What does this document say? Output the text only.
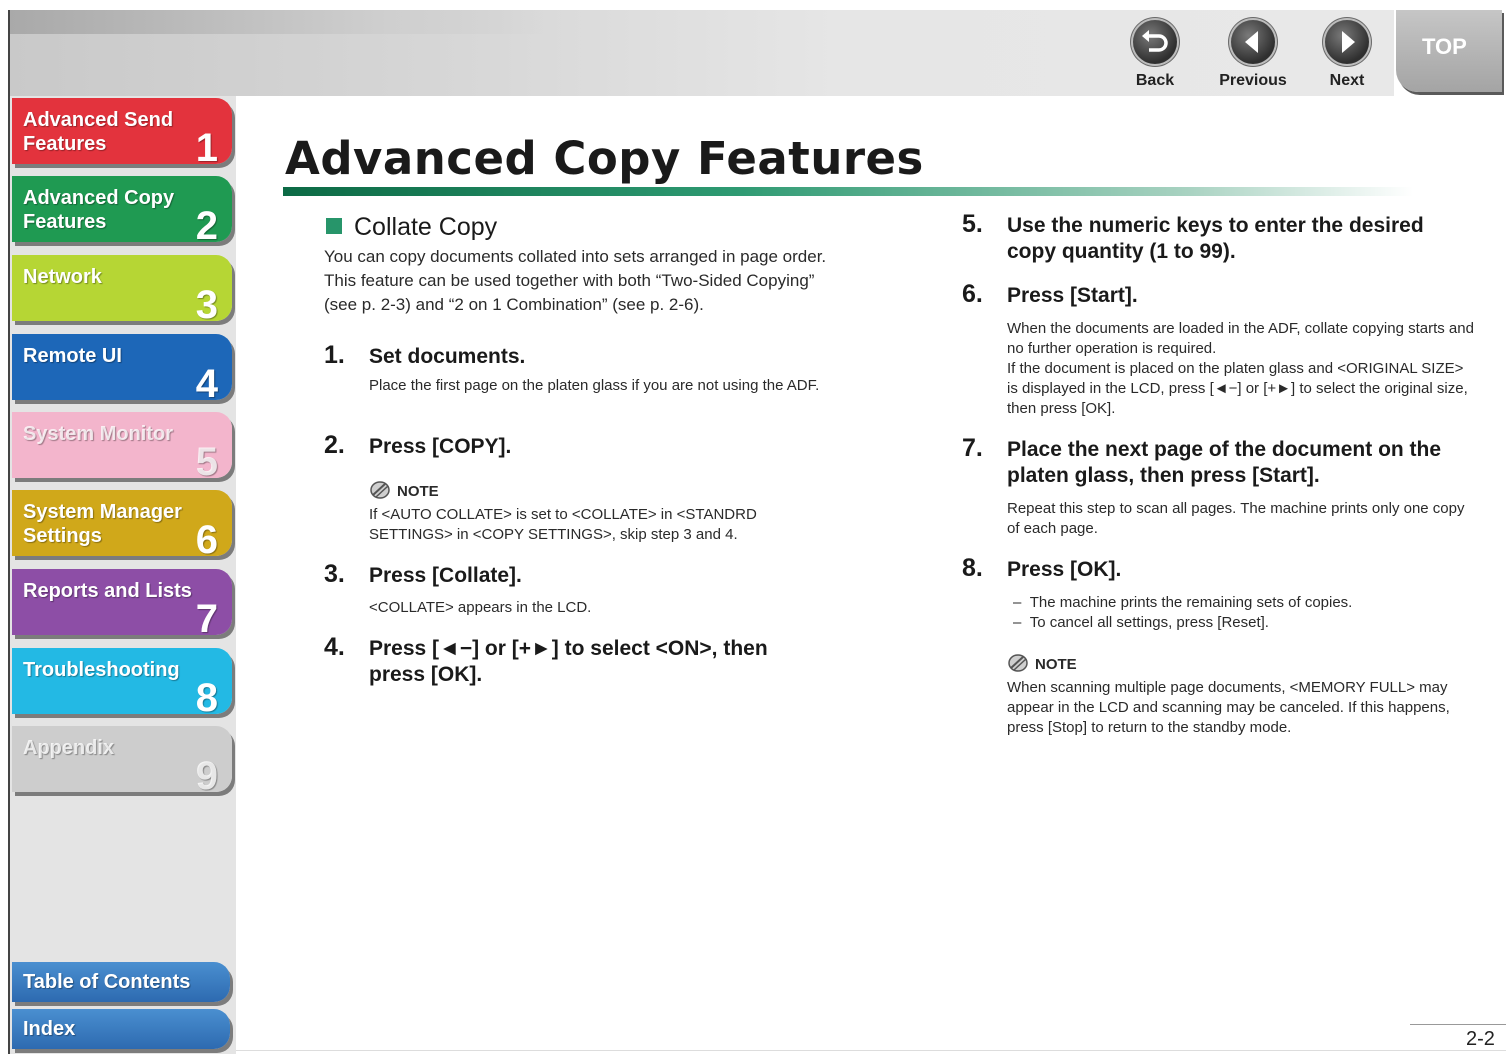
Back	Previous	Next
TOP
Advanced Send
Features	1
Advanced Copy
Features	2
Network
3
Remote UI
4
System Monitor
5
System Manager
Settings	6
Reports and Lists
7
Troubleshooting
8
Appendix
9
Table of Contents
Index
Advanced Copy Features
Collate Copy
You can copy documents collated into sets arranged in page order. This feature can be used together with both “Two-Sided Copying” (see p. 2-3) and “2 on 1 Combination” (see p. 2-6).
1. Set documents.
Place the first page on the platen glass if you are not using the ADF.
2. Press [COPY].
NOTE
If <AUTO COLLATE> is set to <COLLATE> in <STANDRD SETTINGS> in <COPY SETTINGS>, skip step 3 and 4.
3. Press [Collate].
<COLLATE> appears in the LCD.
4. Press [◄−] or [+►] to select <ON>, then press [OK].
5. Use the numeric keys to enter the desired copy quantity (1 to 99).
6. Press [Start].
When the documents are loaded in the ADF, collate copying starts and no further operation is required.
If the document is placed on the platen glass and <ORIGINAL SIZE> is displayed in the LCD, press [◄−] or [+►] to select the original size, then press [OK].
7. Place the next page of the document on the platen glass, then press [Start].
Repeat this step to scan all pages. The machine prints only one copy of each page.
8. Press [OK].
–  The machine prints the remaining sets of copies.
–  To cancel all settings, press [Reset].
NOTE
When scanning multiple page documents, <MEMORY FULL> may appear in the LCD and scanning may be canceled. If this happens, press [Stop] to return to the standby mode.
2-2
